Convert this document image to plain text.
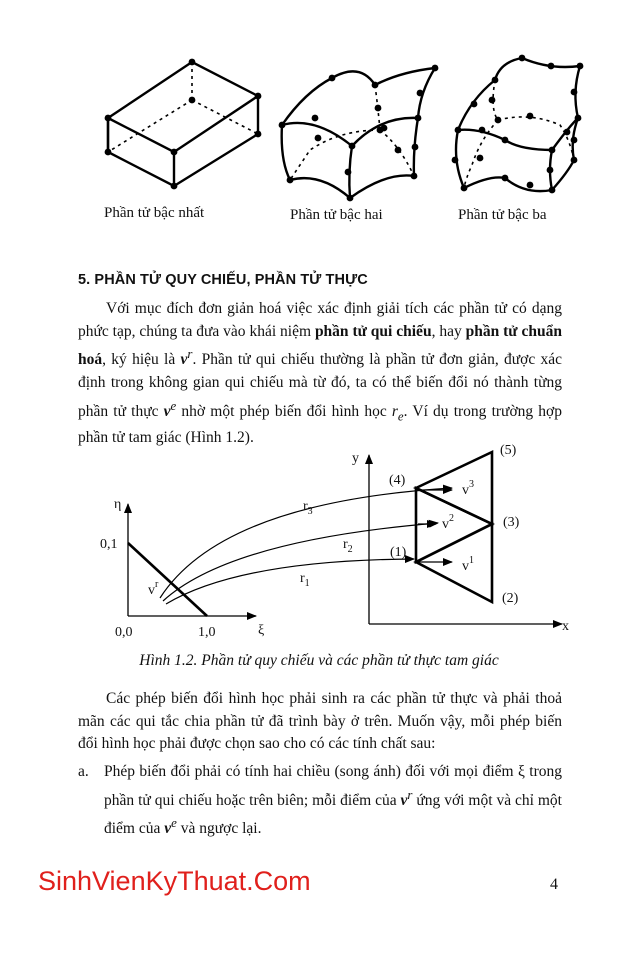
Phần tử bậc nhất	Phần tử bậc hai	Phần tử bậc ba
5. PHẦN TỬ QUY CHIẾU, PHẦN TỬ THỰC
Với mục đích đơn giản hoá việc xác định giải tích các phần tử có dạng phức tạp, chúng ta đưa vào khái niệm phần tử qui chiếu, hay phần tử chuẩn hoá, ký hiệu là $v^r$. Phần tử qui chiếu thường là phần tử đơn giản, được xác định trong không gian qui chiếu mà từ đó, ta có thể biến đổi nó thành từng phần tử thực $v^e$ nhờ một phép biến đổi hình học $r_e$. Ví dụ trong trường hợp phần tử tam giác (Hình 1.2).
η
ξ
0,1
0,0	1,0
$v^r$	$r_1$
$r_2$
$r_3$
y
x
(4)
(5)
(3)
(1)
(2)
$v^3$
$v^2$
$v^1$
Hình 1.2. Phần tử quy chiếu và các phần tử thực tam giác
Các phép biến đổi hình học phải sinh ra các phần tử thực và phải thoả mãn các qui tắc chia phần tử đã trình bày ở trên. Muốn vậy, mỗi phép biến đổi hình học phải được chọn sao cho có các tính chất sau:
a. Phép biến đổi phải có tính hai chiều (song ánh) đối với mọi điểm ξ trong phần tử qui chiếu hoặc trên biên; mỗi điểm của $v^r$ ứng với một và chỉ một điểm của $v^e$ và ngược lại.
SinhVienKyThuat.Com	4
